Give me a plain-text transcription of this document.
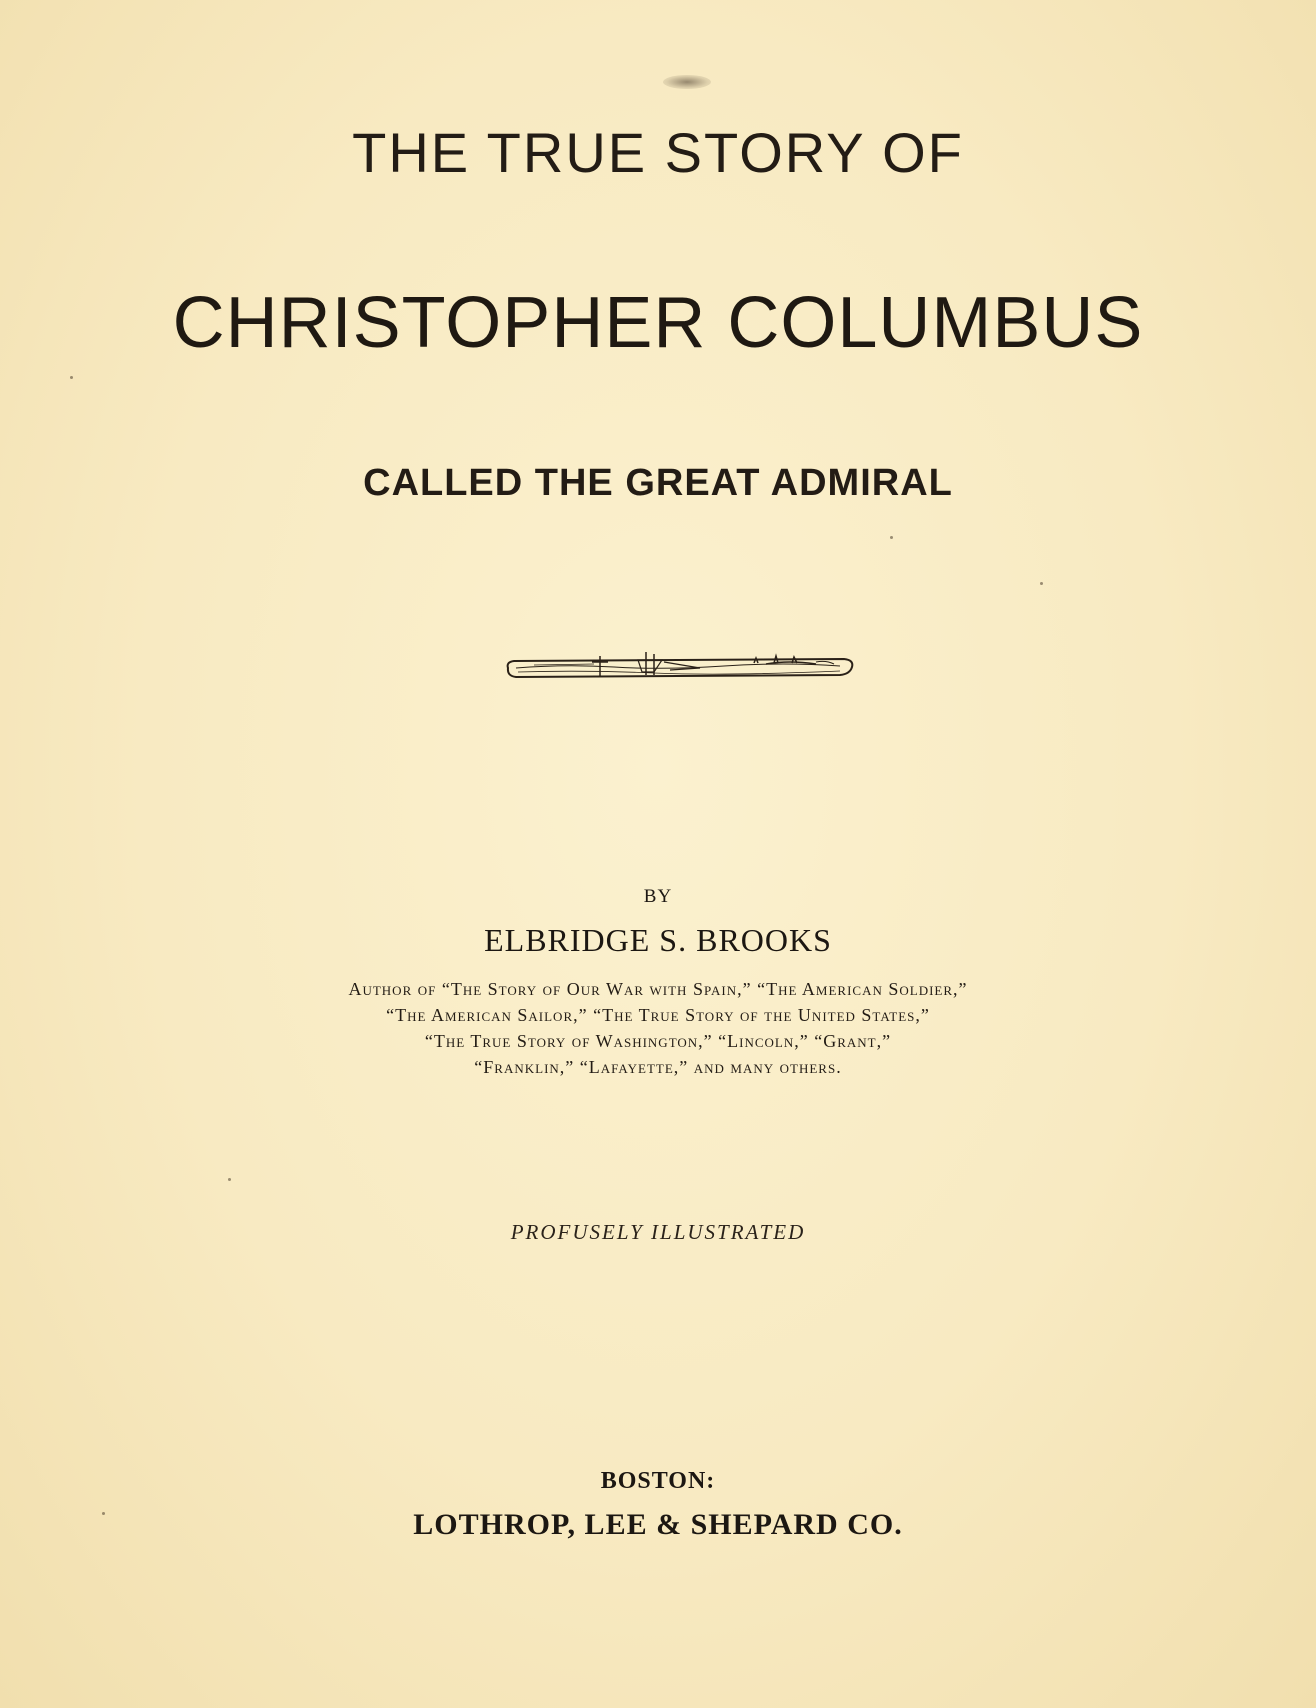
THE TRUE STORY OF
CHRISTOPHER COLUMBUS
CALLED THE GREAT ADMIRAL

BY

ELBRIDGE S. BROOKS

Author of “The Story of Our War with Spain,” “The American Soldier,”
“The American Sailor,” “The True Story of the United States,”
“The True Story of Washington,” “Lincoln,” “Grant,”
“Franklin,” “Lafayette,” and many others.

PROFUSELY ILLUSTRATED

BOSTON:

LOTHROP, LEE & SHEPARD CO.
